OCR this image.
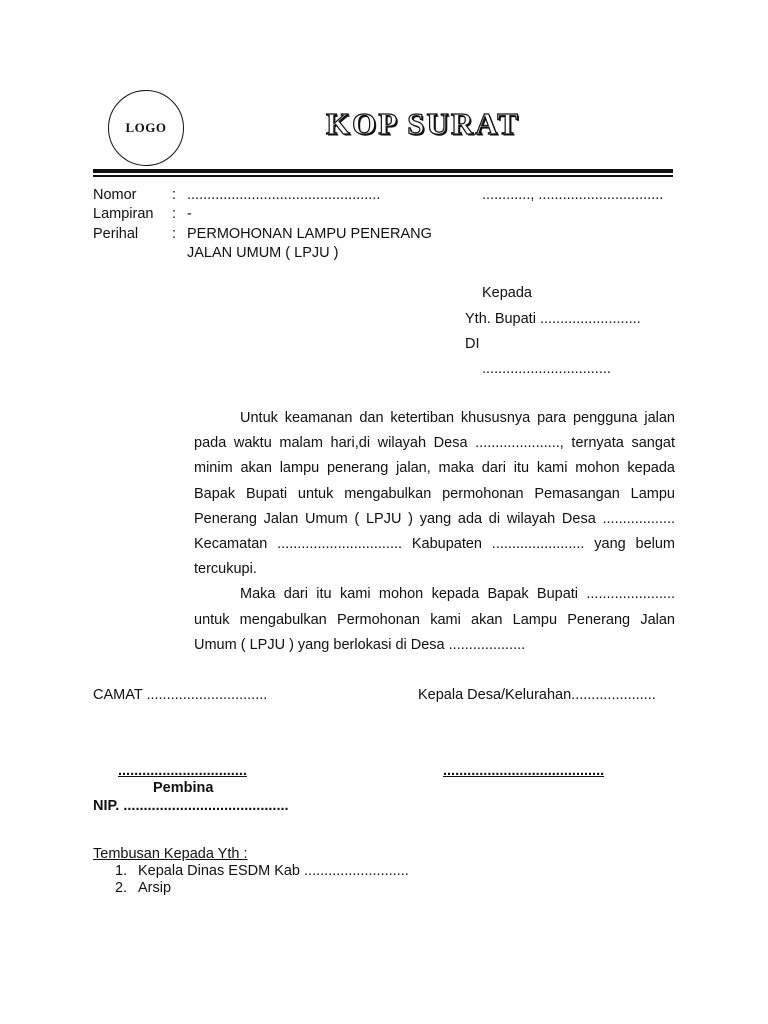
LOGO	KOP SURAT
Nomor : ................................................	............, ...............................
Lampiran : -
Perihal : PERMOHONAN LAMPU PENERANG
JALAN UMUM ( LPJU )
Kepada
Yth. Bupati .........................
DI
................................

Untuk keamanan dan ketertiban khususnya para pengguna jalan pada waktu malam hari,di wilayah Desa ....................., ternyata sangat minim akan lampu penerang jalan, maka dari itu kami mohon kepada Bapak Bupati untuk mengabulkan permohonan Pemasangan Lampu Penerang Jalan Umum ( LPJU ) yang ada di wilayah Desa .................. Kecamatan ............................... Kabupaten ....................... yang belum tercukupi.

Maka dari itu kami mohon kepada Bapak Bupati ...................... untuk mengabulkan Permohonan kami akan Lampu Penerang Jalan Umum ( LPJU ) yang berlokasi di Desa ...................

CAMAT ..............................	Kepala Desa/Kelurahan.....................
................................	........................................
Pembina
NIP. .........................................
Tembusan Kepada Yth :
1. Kepala Dinas ESDM Kab ..........................
2. Arsip
